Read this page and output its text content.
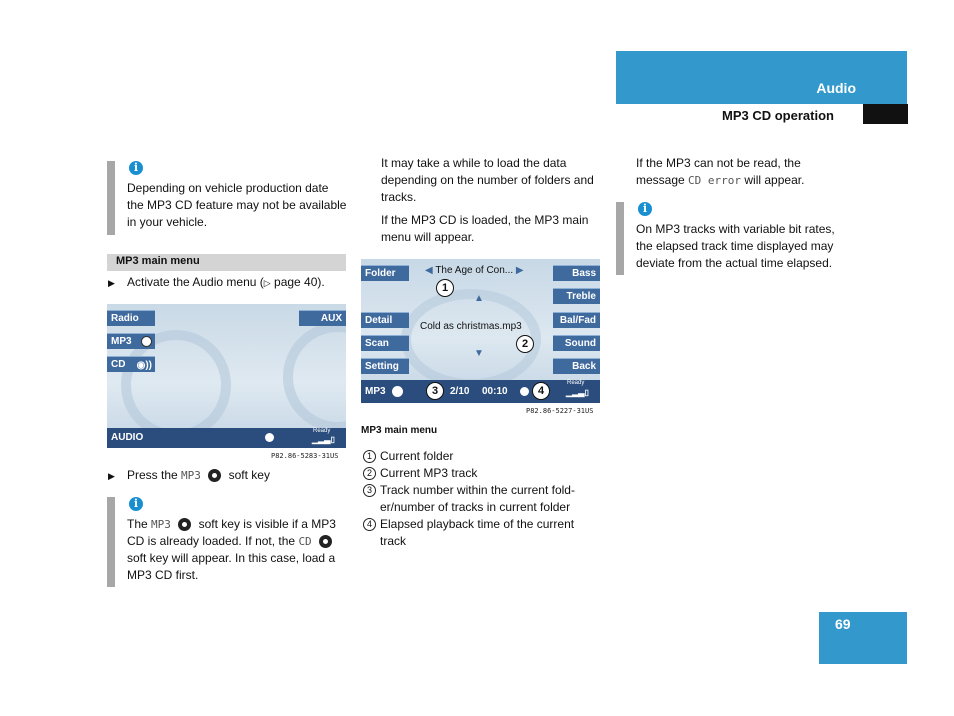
Audio
MP3 CD operation
i
Depending on vehicle production date the MP3 CD feature may not be available in your vehicle.
MP3 main menu
▶ Activate the Audio menu (▷ page 40).
Radio	AUX
MP3
CD ◉))
AUDIO
Ready
▁▂▃▯
P82.86-5283-31US
▶ Press the MP3 soft key
i
The MP3 soft key is visible if a MP3 CD is already loaded. If not, the CD  soft key will appear. In this case, load a MP3 CD first.
It may take a while to load the data depending on the number of folders and tracks.
If the MP3 CD is loaded, the MP3 main menu will appear.
Folder	◀ The Age of Con... ▶	Bass
Treble
▲
Detail	Bal/Fad
Cold as christmas.mp3
Scan	Sound
▼
Setting	Back
MP3	2/10 00:10
Ready
▁▂▃▯
1
2
3	4
P82.86-5227-31US
MP3 main menu
1 Current folder
2 Current MP3 track
3 Track number within the current fold-er/number of tracks in current folder
4 Elapsed playback time of the current track
If the MP3 can not be read, the message CD error will appear.
i
On MP3 tracks with variable bit rates, the elapsed track time displayed may deviate from the actual time elapsed.
69
